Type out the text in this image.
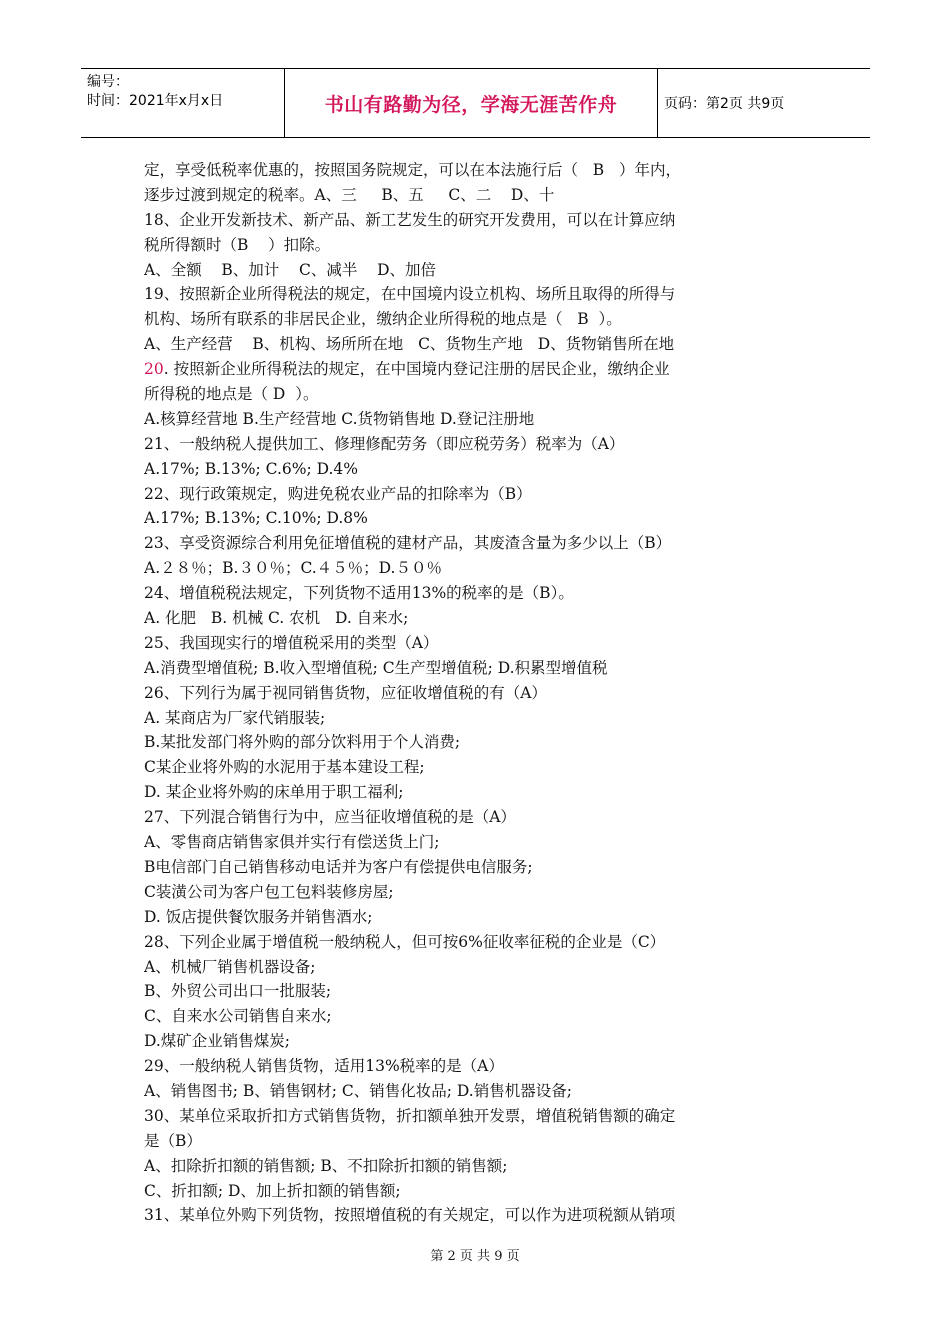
编号：
时间：2021年x月x日	书山有路勤为径，学海无涯苦作舟	页码：第2页 共9页
定，享受低税率优惠的，按照国务院规定，可以在本法施行后（   B   ）年内，
逐步过渡到规定的税率。A、三     B、五     C、二    D、十
18、企业开发新技术、新产品、新工艺发生的研究开发费用，可以在计算应纳
税所得额时（B    ）扣除。
A、全额    B、加计    C、减半    D、加倍
19、按照新企业所得税法的规定，在中国境内设立机构、场所且取得的所得与
机构、场所有联系的非居民企业，缴纳企业所得税的地点是（   B  ）。
A、生产经营    B、机构、场所所在地   C、货物生产地   D、货物销售所在地
20. 按照新企业所得税法的规定，在中国境内登记注册的居民企业，缴纳企业
所得税的地点是（ D  ）。
A.核算经营地 B.生产经营地 C.货物销售地 D.登记注册地
21、一般纳税人提供加工、修理修配劳务（即应税劳务）税率为（A）
A.17%; B.13%; C.6%; D.4%
22、现行政策规定，购进免税农业产品的扣除率为（B）
A.17%; B.13%; C.10%; D.8%
23、享受资源综合利用免征增值税的建材产品，其废渣含量为多少以上（B）
A.２８％；B.３０％；C.４５％；D.５０％
24、增值税税法规定，下列货物不适用13%的税率的是（B）。
A. 化肥   B. 机械 C. 农机   D. 自来水;
25、我国现实行的增值税采用的类型（A）
A.消费型增值税; B.收入型增值税; C生产型增值税; D.积累型增值税
26、下列行为属于视同销售货物，应征收增值税的有（A）
A. 某商店为厂家代销服装;
B.某批发部门将外购的部分饮料用于个人消费;
C某企业将外购的水泥用于基本建设工程;
D. 某企业将外购的床单用于职工福利;
27、下列混合销售行为中，应当征收增值税的是（A）
A、零售商店销售家俱并实行有偿送货上门;
B电信部门自己销售移动电话并为客户有偿提供电信服务;
C装潢公司为客户包工包料装修房屋;
D. 饭店提供餐饮服务并销售酒水;
28、下列企业属于增值税一般纳税人，但可按6%征收率征税的企业是（C）
A、机械厂销售机器设备;
B、外贸公司出口一批服装;
C、自来水公司销售自来水;
D.煤矿企业销售煤炭;
29、一般纳税人销售货物，适用13%税率的是（A）
A、销售图书; B、销售钢材; C、销售化妆品; D.销售机器设备;
30、某单位采取折扣方式销售货物，折扣额单独开发票，增值税销售额的确定
是（B）
A、扣除折扣额的销售额; B、不扣除折扣额的销售额;
C、折扣额; D、加上折扣额的销售额;
31、某单位外购下列货物，按照增值税的有关规定，可以作为进项税额从销项
第 2 页 共 9 页
